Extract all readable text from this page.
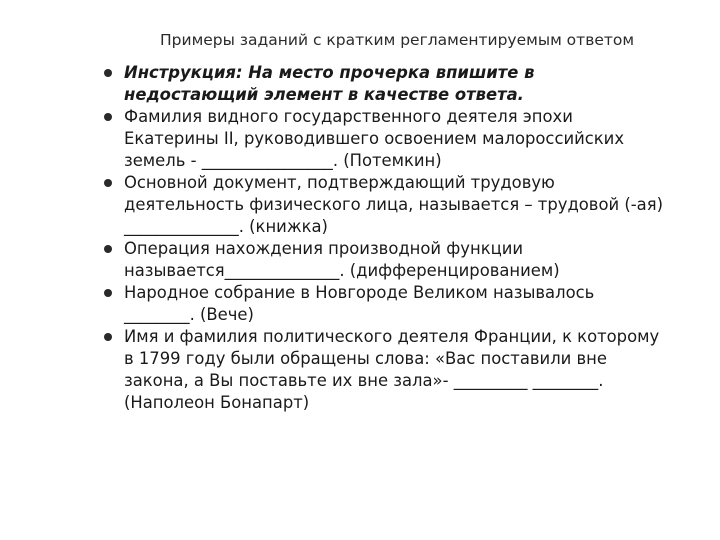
Примеры заданий с кратким регламентируемым ответом
Инструкция: На место прочерка впишите в
недостающий элемент в качестве ответа.
Фамилия видного государственного деятеля эпохи
Екатерины II, руководившего освоением малороссийских
земель - ________________. (Потемкин)
Основной документ, подтверждающий трудовую
деятельность физического лица, называется – трудовой (-ая)
______________. (книжка)
Операция нахождения производной функции
называется______________. (дифференцированием)
Народное собрание в Новгороде Великом называлось
________. (Вече)
Имя и фамилия политического деятеля Франции, к которому
в 1799 году были обращены слова: «Вас поставили вне
закона, а Вы поставьте их вне зала»- _________ ________.
(Наполеон Бонапарт)
